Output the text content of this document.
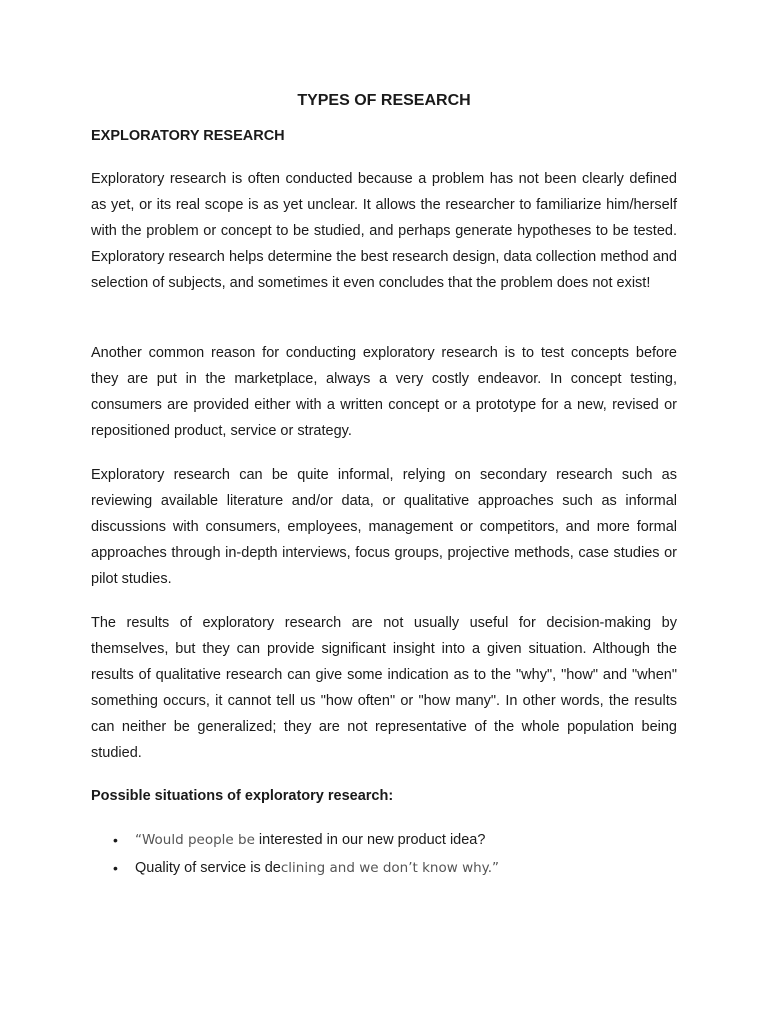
TYPES OF RESEARCH
EXPLORATORY RESEARCH

Exploratory research is often conducted because a problem has not been clearly defined as yet, or its real scope is as yet unclear. It allows the researcher to familiarize him/herself with the problem or concept to be studied, and perhaps generate hypotheses to be tested. Exploratory research helps determine the best research design, data collection method and selection of subjects, and sometimes it even concludes that the problem does not exist!

Another common reason for conducting exploratory research is to test concepts before they are put in the marketplace, always a very costly endeavor. In concept testing, consumers are provided either with a written concept or a prototype for a new, revised or repositioned product, service or strategy.

Exploratory research can be quite informal, relying on secondary research such as reviewing available literature and/or data, or qualitative approaches such as informal discussions with consumers, employees, management or competitors, and more formal approaches through in-depth interviews, focus groups, projective methods, case studies or pilot studies.

The results of exploratory research are not usually useful for decision-making by themselves, but they can provide significant insight into a given situation. Although the results of qualitative research can give some indication as to the "why", "how" and "when" something occurs, it cannot tell us "how often" or "how many". In other words, the results can neither be generalized; they are not representative of the whole population being studied.

Possible situations of exploratory research:
• “Would people be interested in our new product idea?
• Quality of service is declining and we don’t know why.”
